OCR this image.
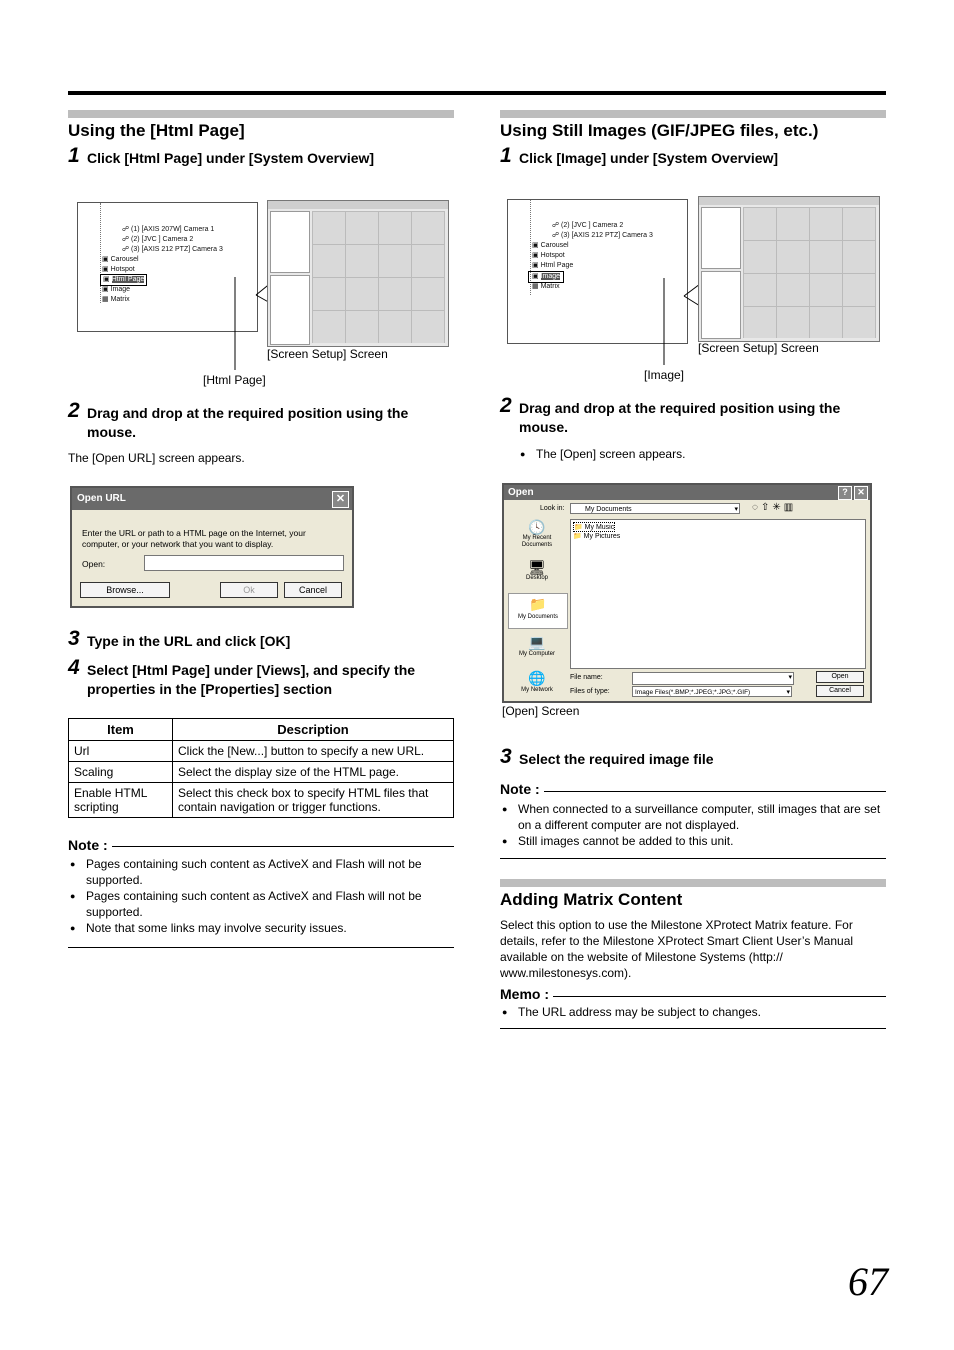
Using the [Html Page]
1 Click [Html Page] under [System Overview]
☍ (1) [AXIS 207W] Camera 1
☍ (2) [JVC ] Camera 2
☍ (3) [AXIS 212 PTZ] Camera 3
▣ Carousel
▣ Hotspot
▣ Html Page
▣ Image
▦ Matrix
[Screen Setup] Screen
[Html Page]
2 Drag and drop at the required position using the mouse.
The [Open URL] screen appears.
Open URL	✕
Enter the URL or path to a HTML page on the Internet, your computer, or your network that you want to display.
Open:
Browse...	Ok	Cancel
3 Type in the URL and click [OK]
4 Select [Html Page] under [Views], and specify the properties in the [Properties] section
Item	Description
Url	Click the [New...] button to specify a new URL.
Scaling	Select the display size of the HTML page.
Enable HTML scripting	Select this check box to specify HTML files that contain navigation or trigger functions.
Note :
● Pages containing such content as ActiveX and Flash will not be supported.
● Pages containing such content as ActiveX and Flash will not be supported.
● Note that some links may involve security issues.
Using Still Images (GIF/JPEG files, etc.)
1 Click [Image] under [System Overview]
☍ (2) [JVC ] Camera 2
☍ (3) [AXIS 212 PTZ] Camera 3
▣ Carousel
▣ Hotspot
▣ Html Page
▣ Image
▦ Matrix
[Screen Setup] Screen
[Image]
2 Drag and drop at the required position using the mouse.
● The [Open] screen appears.
Open	?	✕
Look in:	My Documents	▾ ◌⇧✳▥
🕓
My Recent Documents
🖥
Desktop
📁
My Documents
💻
My Computer
🌐
My Network
📁 My Music
📁 My Pictures
File name:	▾
Files of type:	Image Files(*.BMP;*.JPEG;*.JPG;*.GIF)	▾
Open
Cancel
[Open] Screen
3 Select the required image file
Note :
● When connected to a surveillance computer, still images that are set on a different computer are not displayed.
● Still images cannot be added to this unit.
Adding Matrix Content
Select this option to use the Milestone XProtect Matrix feature. For details, refer to the Milestone XProtect Smart Client User’s Manual available on the website of Milestone Systems (http:// www.milestonesys.com).
Memo :
● The URL address may be subject to changes.
67
